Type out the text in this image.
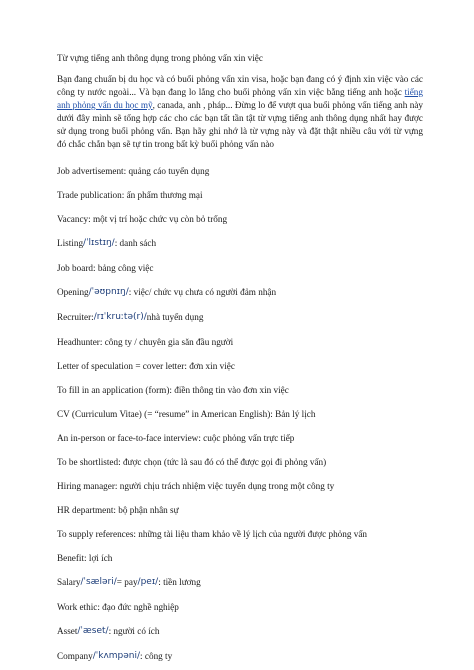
Từ vựng tiếng anh thông dụng trong phỏng vấn xin việc

Bạn đang chuẩn bị du học và có buổi phỏng vấn xin visa, hoặc bạn đang có ý định xin việc vào các công ty nước ngoài... Và bạn đang lo lắng cho buổi phỏng vấn xin việc bằng tiếng anh hoặc tiếng anh phỏng vấn du học mỹ, canada, anh , pháp... Đừng lo để vượt qua buổi phỏng vấn tiếng anh này dưới đây mình sẽ tổng hợp các cho các bạn tất tần tật từ vựng tiếng anh thông dụng nhất hay được sử dụng trong buổi phỏng vấn. Bạn hãy ghi nhớ là từ vựng này và đặt thật nhiều câu với từ vựng đó chắc chắn bạn sẽ tự tin trong bất kỳ buổi phỏng vấn nào

Job advertisement: quảng cáo tuyển dụng

Trade publication: ấn phẩm thương mại

Vacancy: một vị trí hoặc chức vụ còn bỏ trống

Listing /ˈlɪstɪŋ/ : danh sách

Job board: bảng công việc

Opening /ˈəʊpnɪŋ/ : việc/ chức vụ chưa có người đảm nhận

Recruiter: /rɪˈkruːtə(r)/ nhà tuyển dụng

Headhunter: công ty / chuyên gia săn đầu người

Letter of speculation = cover letter: đơn xin việc

To fill in an application (form): điền thông tin vào đơn xin việc

CV (Curriculum Vitae) (= “resume” in American English): Bản lý lịch

An in-person or face-to-face interview: cuộc phỏng vấn trực tiếp

To be shortlisted: được chọn (tức là sau đó có thể được gọi đi phỏng vấn)

Hiring manager: người chịu trách nhiệm việc tuyển dụng trong một công ty

HR department: bộ phận nhân sự

To supply references: những tài liệu tham khảo về lý lịch của người được phỏng vấn

Benefit: lợi ích

Salary /ˈsæləri/ = pay /peɪ/ : tiền lương

Work ethic: đạo đức nghề nghiệp

Asset /ˈæset/ : người có ích

Company /ˈkʌmpəni/ : công ty
